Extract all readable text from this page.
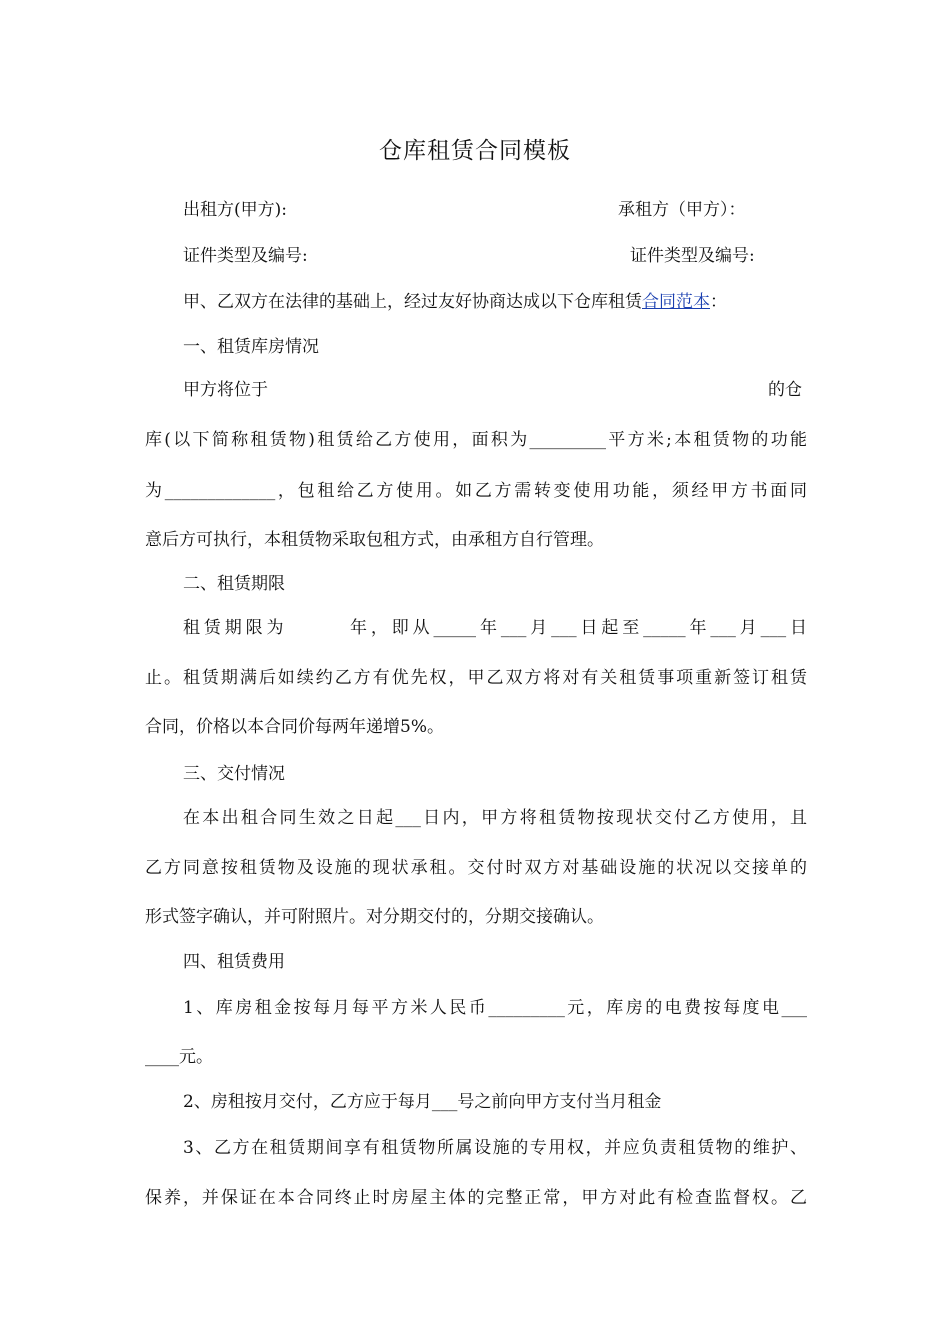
仓库租赁合同模板
出租方(甲方):	承租方（甲方）：
证件类型及编号:	证件类型及编号:
甲、乙双方在法律的基础上，经过友好协商达成以下仓库租赁合同范本：
一、租赁库房情况
甲方将位于	的仓
库(以下简称租赁物)租赁给乙方使用，面积为_________平方米;本租赁物的功能
为_____________，包租给乙方使用。如乙方需转变使用功能，须经甲方书面同
意后方可执行，本租赁物采取包租方式，由承租方自行管理。
二、租赁期限
租赁期限为　　　年，即从_____年___月___日起至_____年___月___日
止。租赁期满后如续约乙方有优先权，甲乙双方将对有关租赁事项重新签订租赁
合同，价格以本合同价每两年递增5%。
三、交付情况
在本出租合同生效之日起___日内，甲方将租赁物按现状交付乙方使用，且
乙方同意按租赁物及设施的现状承租。交付时双方对基础设施的状况以交接单的
形式签字确认，并可附照片。对分期交付的，分期交接确认。
四、租赁费用
1、库房租金按每月每平方米人民币_________元，库房的电费按每度电___
____元。
2、房租按月交付，乙方应于每月___号之前向甲方支付当月租金
3、乙方在租赁期间享有租赁物所属设施的专用权，并应负责租赁物的维护、
保养，并保证在本合同终止时房屋主体的完整正常，甲方对此有检查监督权。乙
